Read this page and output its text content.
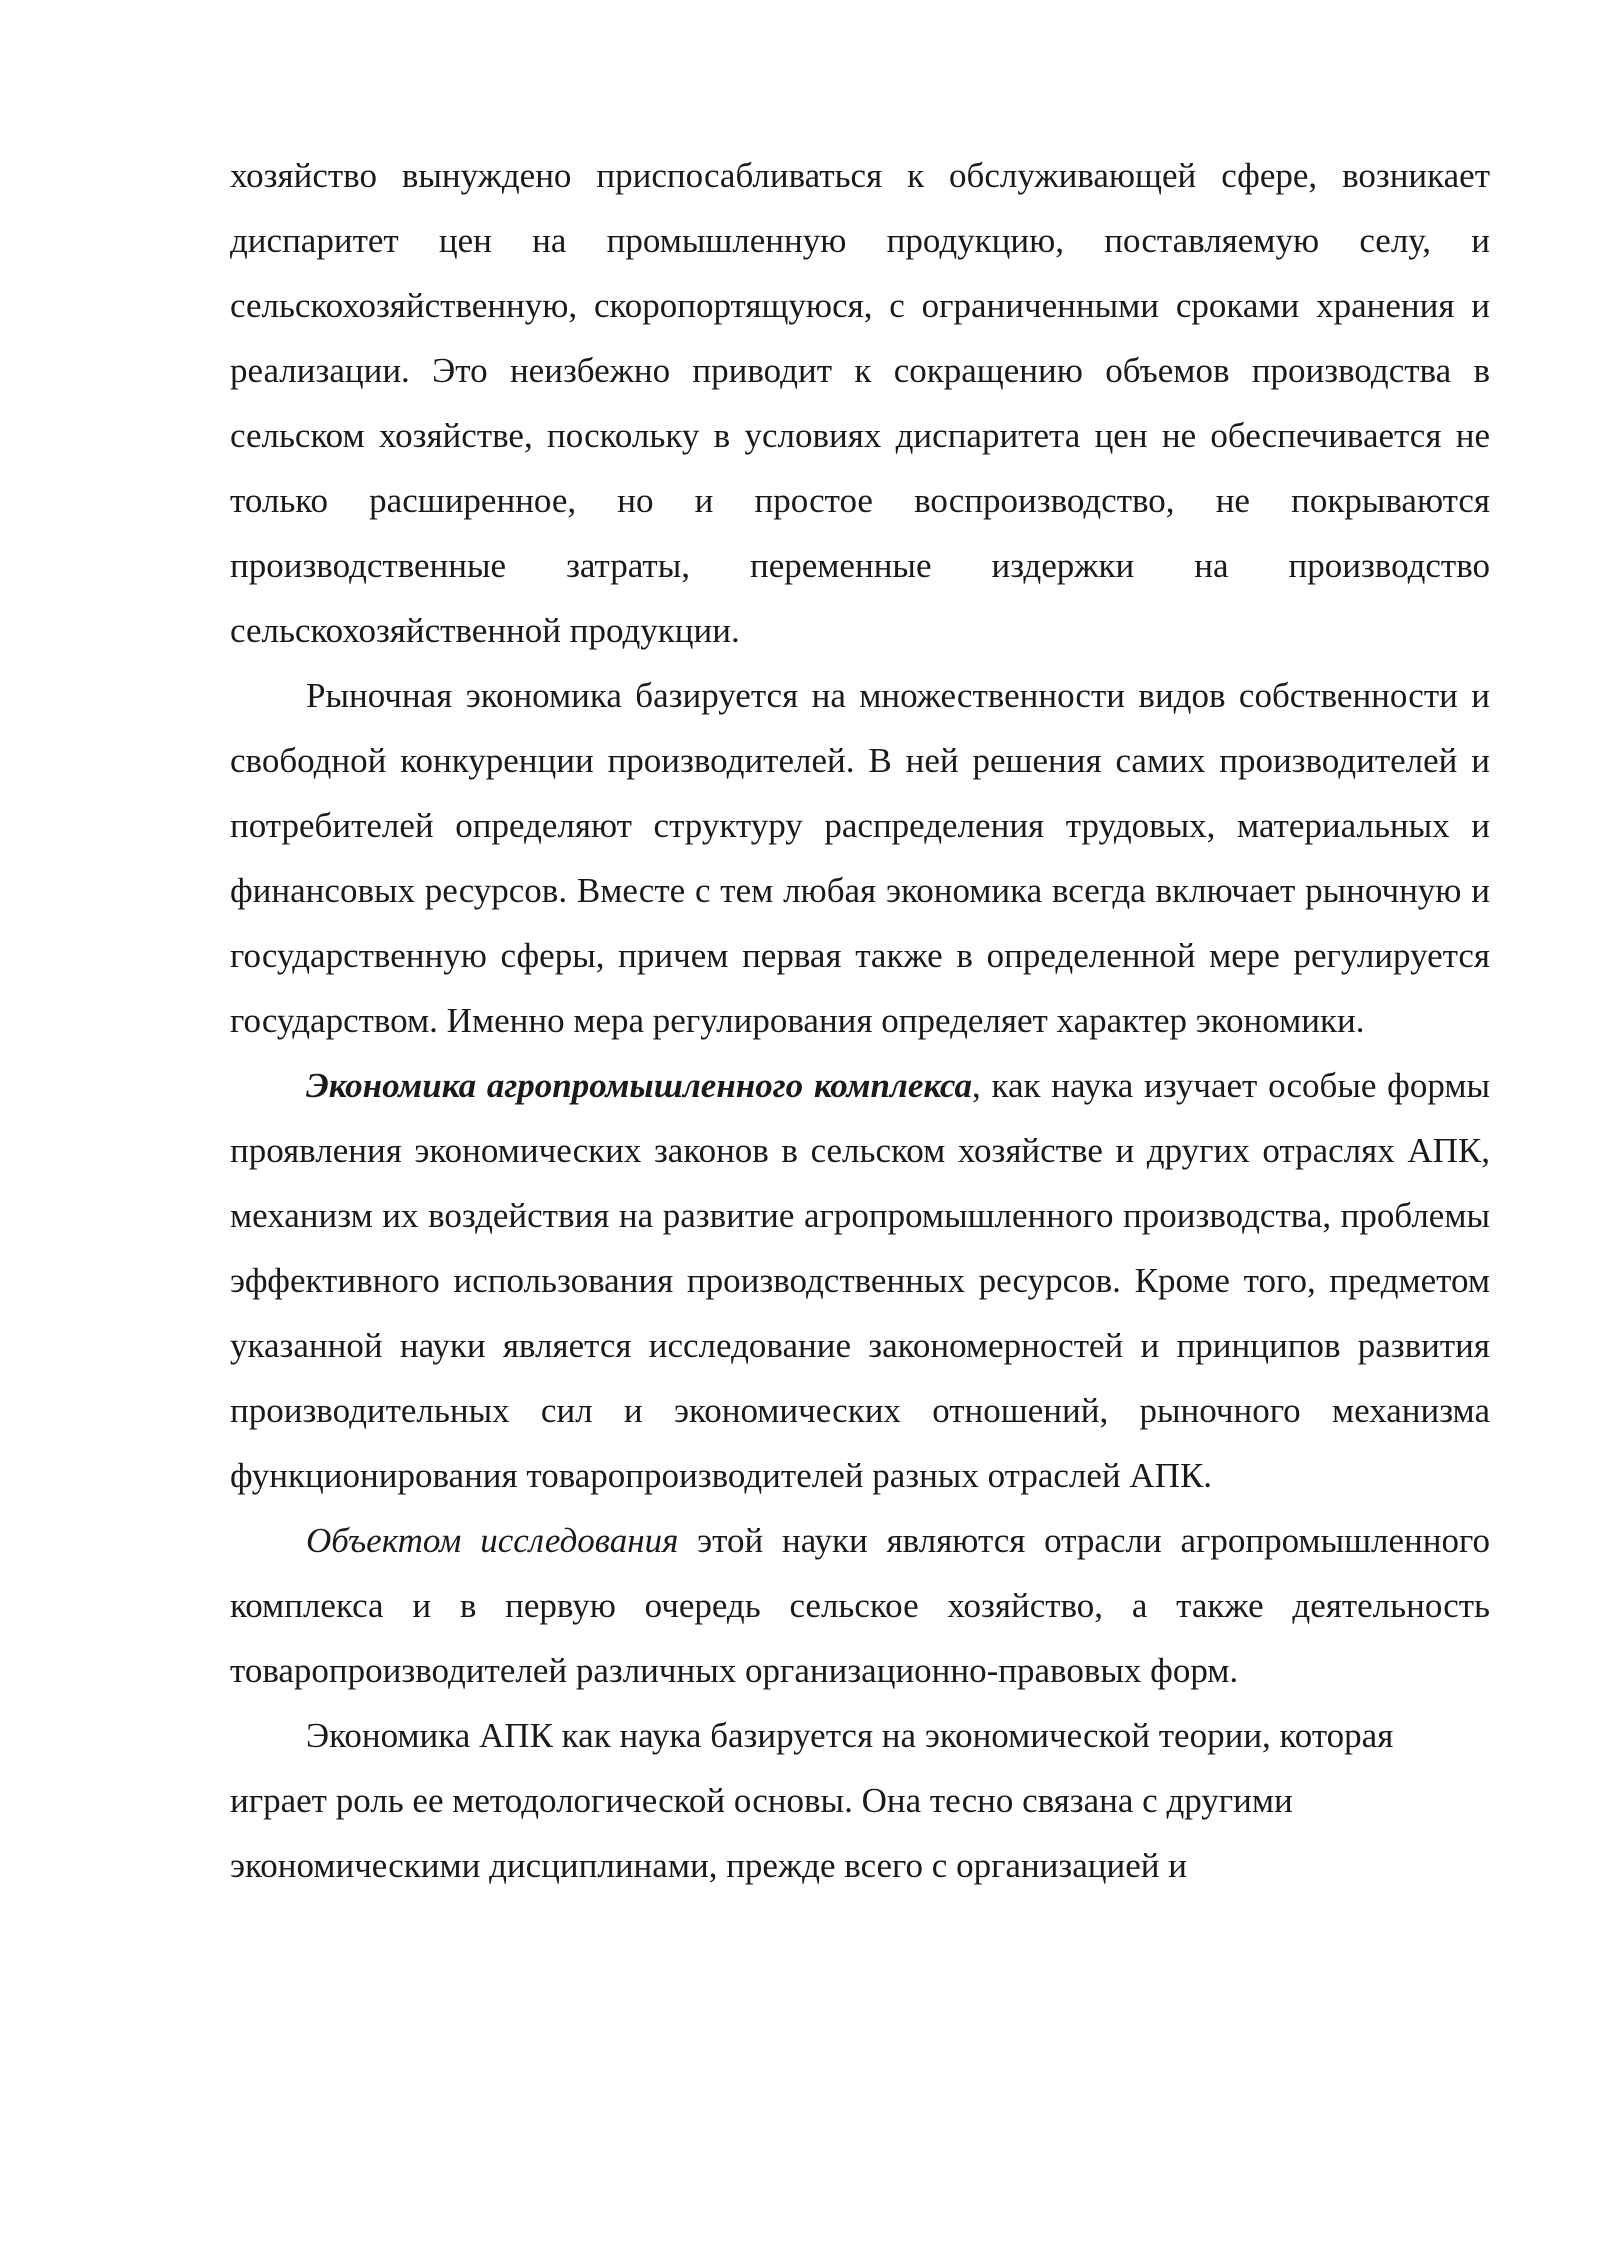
хозяйство вынуждено приспосабливаться к обслуживающей сфере, возникает диспаритет цен на промышленную продукцию, поставляемую селу, и сельскохозяйственную, скоропортящуюся, с ограниченными сроками хранения и реализации. Это неизбежно приводит к сокращению объемов производства в сельском хозяйстве, поскольку в условиях диспаритета цен не обеспечивается не только расширенное, но и простое воспроизводство, не покрываются производственные затраты, переменные издержки на производство сельскохозяйственной продукции.

Рыночная экономика базируется на множественности видов собственности и свободной конкуренции производителей. В ней решения самих производителей и потребителей определяют структуру распределения трудовых, материальных и финансовых ресурсов. Вместе с тем любая экономика всегда включает рыночную и государственную сферы, причем первая также в определенной мере регулируется государством. Именно мера регулирования определяет характер экономики.

Экономика агропромышленного комплекса, как наука изучает особые формы проявления экономических законов в сельском хозяйстве и других отраслях АПК, механизм их воздействия на развитие агропромышленного производства, проблемы эффективного использования производственных ресурсов. Кроме того, предметом указанной науки является исследование закономерностей и принципов развития производительных сил и экономических отношений, рыночного механизма функционирования товаропроизводителей разных отраслей АПК.

Объектом исследования этой науки являются отрасли агропромышленного комплекса и в первую очередь сельское хозяйство, а также деятельность товаропроизводителей различных организационно-правовых форм.

Экономика АПК как наука базируется на экономической теории, которая играет роль ее методологической основы. Она тесно связана с другими экономическими дисциплинами, прежде всего с организацией и
